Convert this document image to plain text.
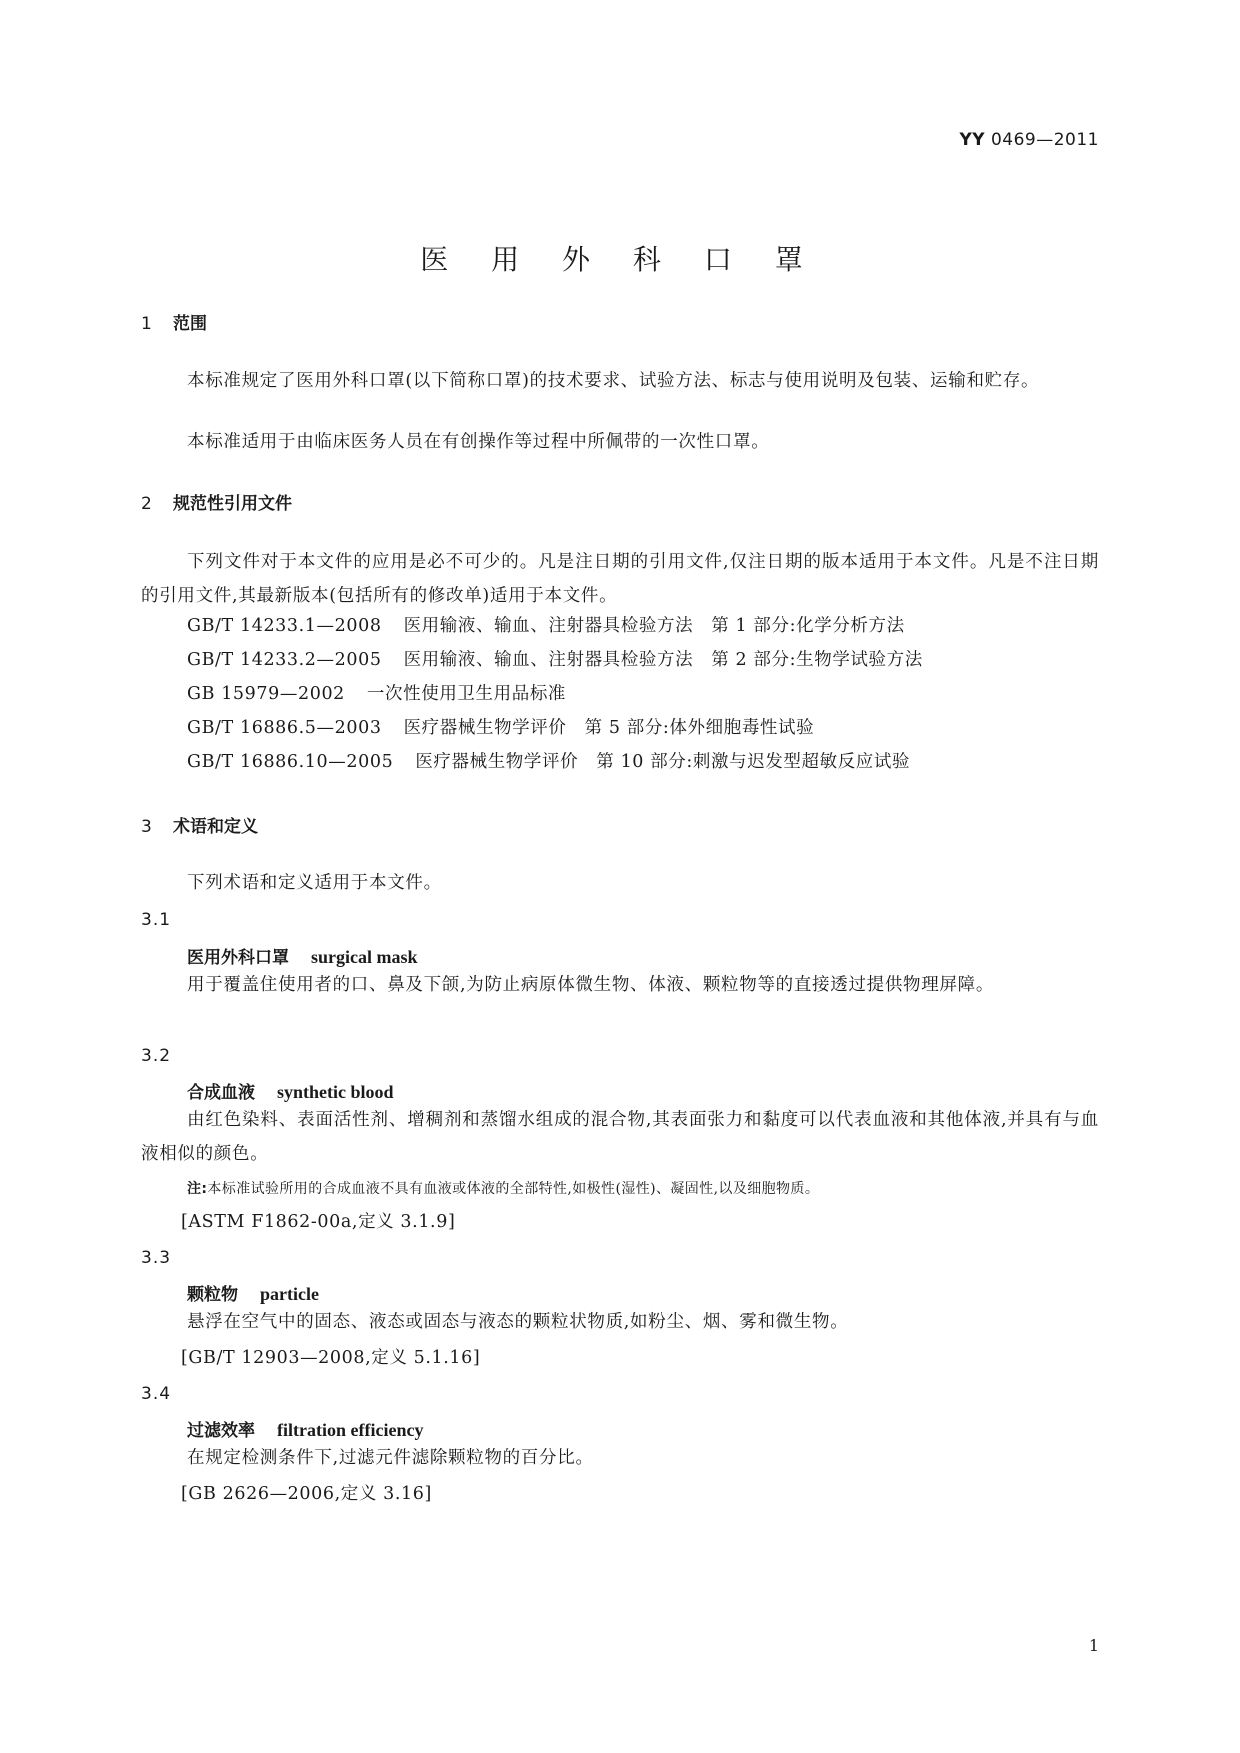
YY 0469—2011
医 用 外 科 口 罩
1 范围
本标准规定了医用外科口罩(以下简称口罩)的技术要求、试验方法、标志与使用说明及包装、运输和贮存。
本标准适用于由临床医务人员在有创操作等过程中所佩带的一次性口罩。
2 规范性引用文件
下列文件对于本文件的应用是必不可少的。凡是注日期的引用文件,仅注日期的版本适用于本文件。凡是不注日期的引用文件,其最新版本(包括所有的修改单)适用于本文件。
GB/T 14233.1—2008 医用输液、输血、注射器具检验方法　第 1 部分:化学分析方法
GB/T 14233.2—2005 医用输液、输血、注射器具检验方法　第 2 部分:生物学试验方法
GB 15979—2002 一次性使用卫生用品标准
GB/T 16886.5—2003 医疗器械生物学评价　第 5 部分:体外细胞毒性试验
GB/T 16886.10—2005 医疗器械生物学评价　第 10 部分:刺激与迟发型超敏反应试验
3 术语和定义
下列术语和定义适用于本文件。
3.1
医用外科口罩 surgical mask
用于覆盖住使用者的口、鼻及下颌,为防止病原体微生物、体液、颗粒物等的直接透过提供物理屏障。
3.2
合成血液 synthetic blood
由红色染料、表面活性剂、增稠剂和蒸馏水组成的混合物,其表面张力和黏度可以代表血液和其他体液,并具有与血液相似的颜色。
注:本标准试验所用的合成血液不具有血液或体液的全部特性,如极性(湿性)、凝固性,以及细胞物质。
[ASTM F1862-00a,定义 3.1.9]
3.3
颗粒物 particle
悬浮在空气中的固态、液态或固态与液态的颗粒状物质,如粉尘、烟、雾和微生物。
[GB/T 12903—2008,定义 5.1.16]
3.4
过滤效率 filtration efficiency
在规定检测条件下,过滤元件滤除颗粒物的百分比。
[GB 2626—2006,定义 3.16]
1
